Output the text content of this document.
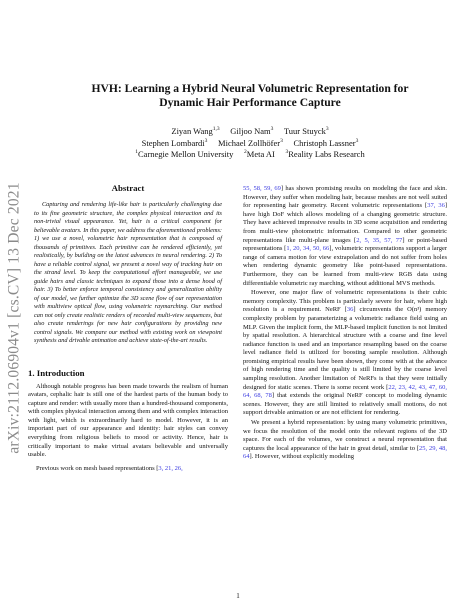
arXiv:2112.06904v1 [cs.CV] 13 Dec 2021
HVH: Learning a Hybrid Neural Volumetric Representation for
Dynamic Hair Performance Capture

Ziyan Wang$^{1,3}$ Giljoo Nam$^3$ Tuur Stuyck$^3$

Stephen Lombardi$^3$ Michael Zollhöfer$^3$ Christoph Lassner$^3$

$^1$Carnegie Mellon University $^2$Meta AI $^3$Reality Labs Research

Abstract

Capturing and rendering life-like hair is particularly challenging due to its fine geometric structure, the complex physical interaction and its non-trivial visual appearance. Yet, hair is a critical component for believable avatars. In this paper, we address the aforementioned problems: 1) we use a novel, volumetric hair representation that is composed of thousands of primitives. Each primitive can be rendered efficiently, yet realistically, by building on the latest advances in neural rendering. 2) To have a reliable control signal, we present a novel way of tracking hair on the strand level. To keep the computational effort manageable, we use guide hairs and classic techniques to expand those into a dense hood of hair. 3) To better enforce temporal consistency and generalization ability of our model, we further optimize the 3D scene flow of our representation with multiview optical flow, using volumetric raymarching. Our method can not only create realistic renders of recorded multi-view sequences, but also create renderings for new hair configurations by providing new control signals. We compare our method with existing work on viewpoint synthesis and drivable animation and achieve state-of-the-art results.

1. Introduction

Although notable progress has been made towards the realism of human avatars, cephalic hair is still one of the hardest parts of the human body to capture and render: with usually more than a hundred-thousand components, with complex physical interaction among them and with complex interaction with light, which is extraordinarily hard to model. However, it is an important part of our appearance and identity: hair styles can convey everything from religious beliefs to mood or activity. Hence, hair is critically important to make virtual avatars believable and universally usable.

Previous work on mesh based representations [3, 21, 26,

55, 58, 59, 69] has shown promising results on modeling the face and skin. However, they suffer when modeling hair, because meshes are not well suited for representing hair geometry. Recent volumetric representations [37, 36] have high DoF which allows modeling of a changing geometric structure. They have achieved impressive results in 3D scene acquisition and rendering from multi-view photometric information. Compared to other geometric representations like multi-plane images [2, 5, 35, 57, 77] or point-based representations [1, 20, 34, 50, 66], volumetric representations support a larger range of camera motion for view extrapolation and do not suffer from holes when rendering dynamic geometry like point-based representations. Furthermore, they can be learned from multi-view RGB data using differentiable volumetric ray marching, without additional MVS methods.

However, one major flaw of volumetric representations is their cubic memory complexity. This problem is particularly severe for hair, where high resolution is a requirement. NeRF [36] circumvents the O(n³) memory complexity problem by parameterizing a volumetric radiance field using an MLP. Given the implicit form, the MLP-based implicit function is not limited by spatial resolution. A hierarchical structure with a coarse and fine level radiance function is used and an importance resampling based on the coarse level radiance field is utilized for boosting sample resolution. Although promising empirical results have been shown, they come with at the advance of high rendering time and the quality is still limited by the coarse level sampling resolution. Another limitation of NeRFs is that they were initially designed for static scenes. There is some recent work [22, 23, 42, 43, 47, 60, 64, 68, 78] that extends the original NeRF concept to modeling dynamic scenes. However, they are still limited to relatively small motions, do not support drivable animation or are not efficient for rendering.

We present a hybrid representation: by using many volumetric primitives, we focus the resolution of the model onto the relevant regions of the 3D space. For each of the volumes, we construct a neural representation that captures the local appearance of the hair in great detail, similar to [25, 29, 48, 64]. However, without explicitly modeling

1
